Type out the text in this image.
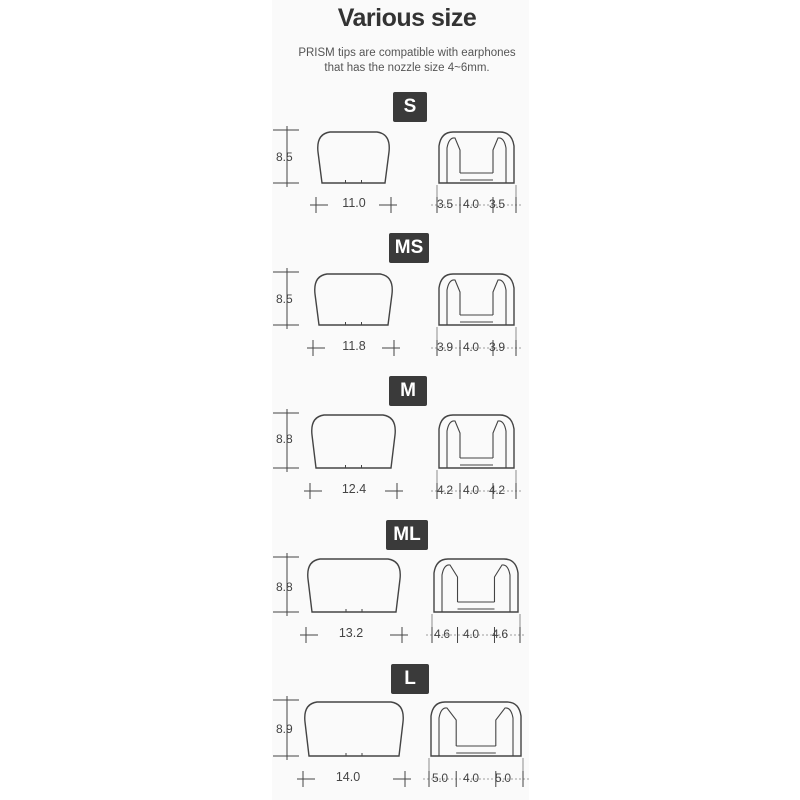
Various size
PRISM tips are compatible with earphones
that has the nozzle size 4~6mm.
S
8.5
11.0	3.5 4.0 3.5
MS
8.5
11.8	3.9 4.0 3.9
M
8.8
12.4	4.2 4.0 4.2
ML
8.8
13.2	4.6 4.0 4.6
L
8.9
14.0	5.0 4.0 5.0
